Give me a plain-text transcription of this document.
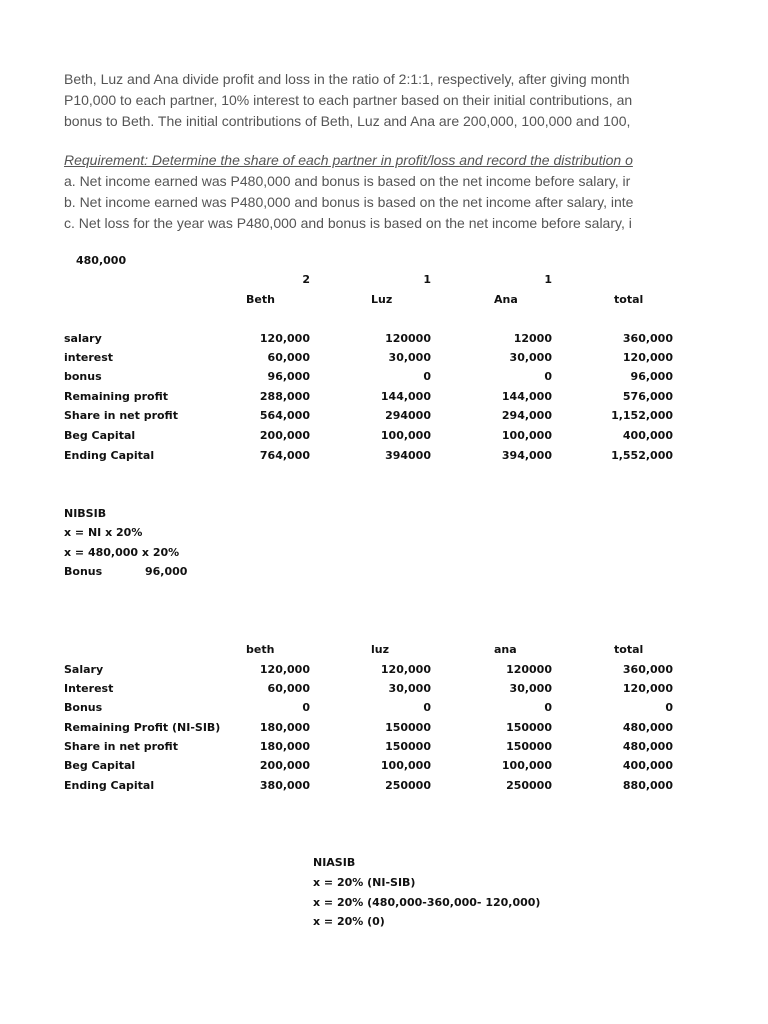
Beth, Luz and Ana divide profit and loss in the ratio of 2:1:1, respectively, after giving month
P10,000 to each partner, 10% interest to each partner based on their initial contributions, an
bonus to Beth. The initial contributions of Beth, Luz and Ana are 200,000, 100,000 and 100,
Requirement: Determine the share of each partner in profit/loss and record the distribution o
a. Net income earned was P480,000 and bonus is based on the net income before salary, ir
b. Net income earned was P480,000 and bonus is based on the net income after salary, inte
c. Net loss for the year was P480,000 and bonus is based on the net income before salary, i
480,000
2	1	1
Beth	Luz	Ana	total
salary	120,000	120000	12000	360,000
interest	60,000	30,000	30,000	120,000
bonus	96,000	0	0	96,000
Remaining profit	288,000	144,000	144,000	576,000
Share in net profit	564,000	294000	294,000	1,152,000
Beg Capital	200,000	100,000	100,000	400,000
Ending Capital	764,000	394000	394,000	1,552,000
NIBSIB
x = NI x 20%
x = 480,000 x 20%
Bonus	96,000
beth	luz	ana	total
Salary	120,000	120,000	120000	360,000
Interest	60,000	30,000	30,000	120,000
Bonus	0	0	0	0
Remaining Profit (NI-SIB)	180,000	150000	150000	480,000
Share in net profit	180,000	150000	150000	480,000
Beg Capital	200,000	100,000	100,000	400,000
Ending Capital	380,000	250000	250000	880,000
NIASIB
x = 20% (NI-SIB)
x = 20% (480,000-360,000- 120,000)
x = 20% (0)
